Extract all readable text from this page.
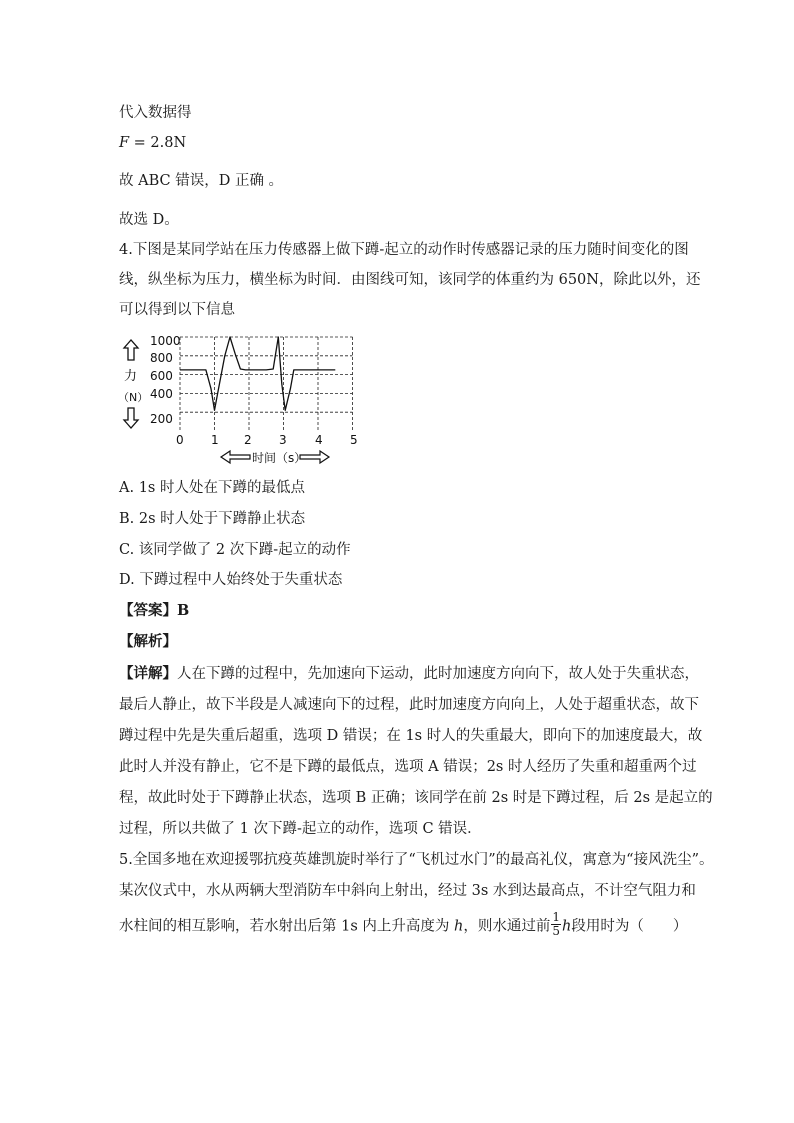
代入数据得
F = 2.8N
故 ABC 错误，D 正确 。
故选 D。
4.下图是某同学站在压力传感器上做下蹲-起立的动作时传感器记录的压力随时间变化的图
线，纵坐标为压力，横坐标为时间．由图线可知，该同学的体重约为 650N，除此以外，还
可以得到以下信息
1000
800
600
400
200
0 1 2 3 4 5
力
（N）
时间（s）
A. 1s 时人处在下蹲的最低点
B. 2s 时人处于下蹲静止状态
C. 该同学做了 2 次下蹲-起立的动作
D. 下蹲过程中人始终处于失重状态
【答案】B
【解析】
【详解】人在下蹲的过程中，先加速向下运动，此时加速度方向向下，故人处于失重状态，
最后人静止，故下半段是人减速向下的过程，此时加速度方向向上，人处于超重状态，故下
蹲过程中先是失重后超重，选项 D 错误；在 1s 时人的失重最大，即向下的加速度最大，故
此时人并没有静止，它不是下蹲的最低点，选项 A 错误；2s 时人经历了失重和超重两个过
程，故此时处于下蹲静止状态，选项 B 正确；该同学在前 2s 时是下蹲过程，后 2s 是起立的
过程，所以共做了 1 次下蹲-起立的动作，选项 C 错误．
5.全国多地在欢迎援鄂抗疫英雄凯旋时举行了“飞机过水门”的最高礼仪，寓意为“接风洗尘”。
某次仪式中，水从两辆大型消防车中斜向上射出，经过 3s 水到达最高点，不计空气阻力和
水柱间的相互影响，若水射出后第 1s 内上升高度为 h，则水通过前 $\frac{1}{5}$ h段用时为（　　）
